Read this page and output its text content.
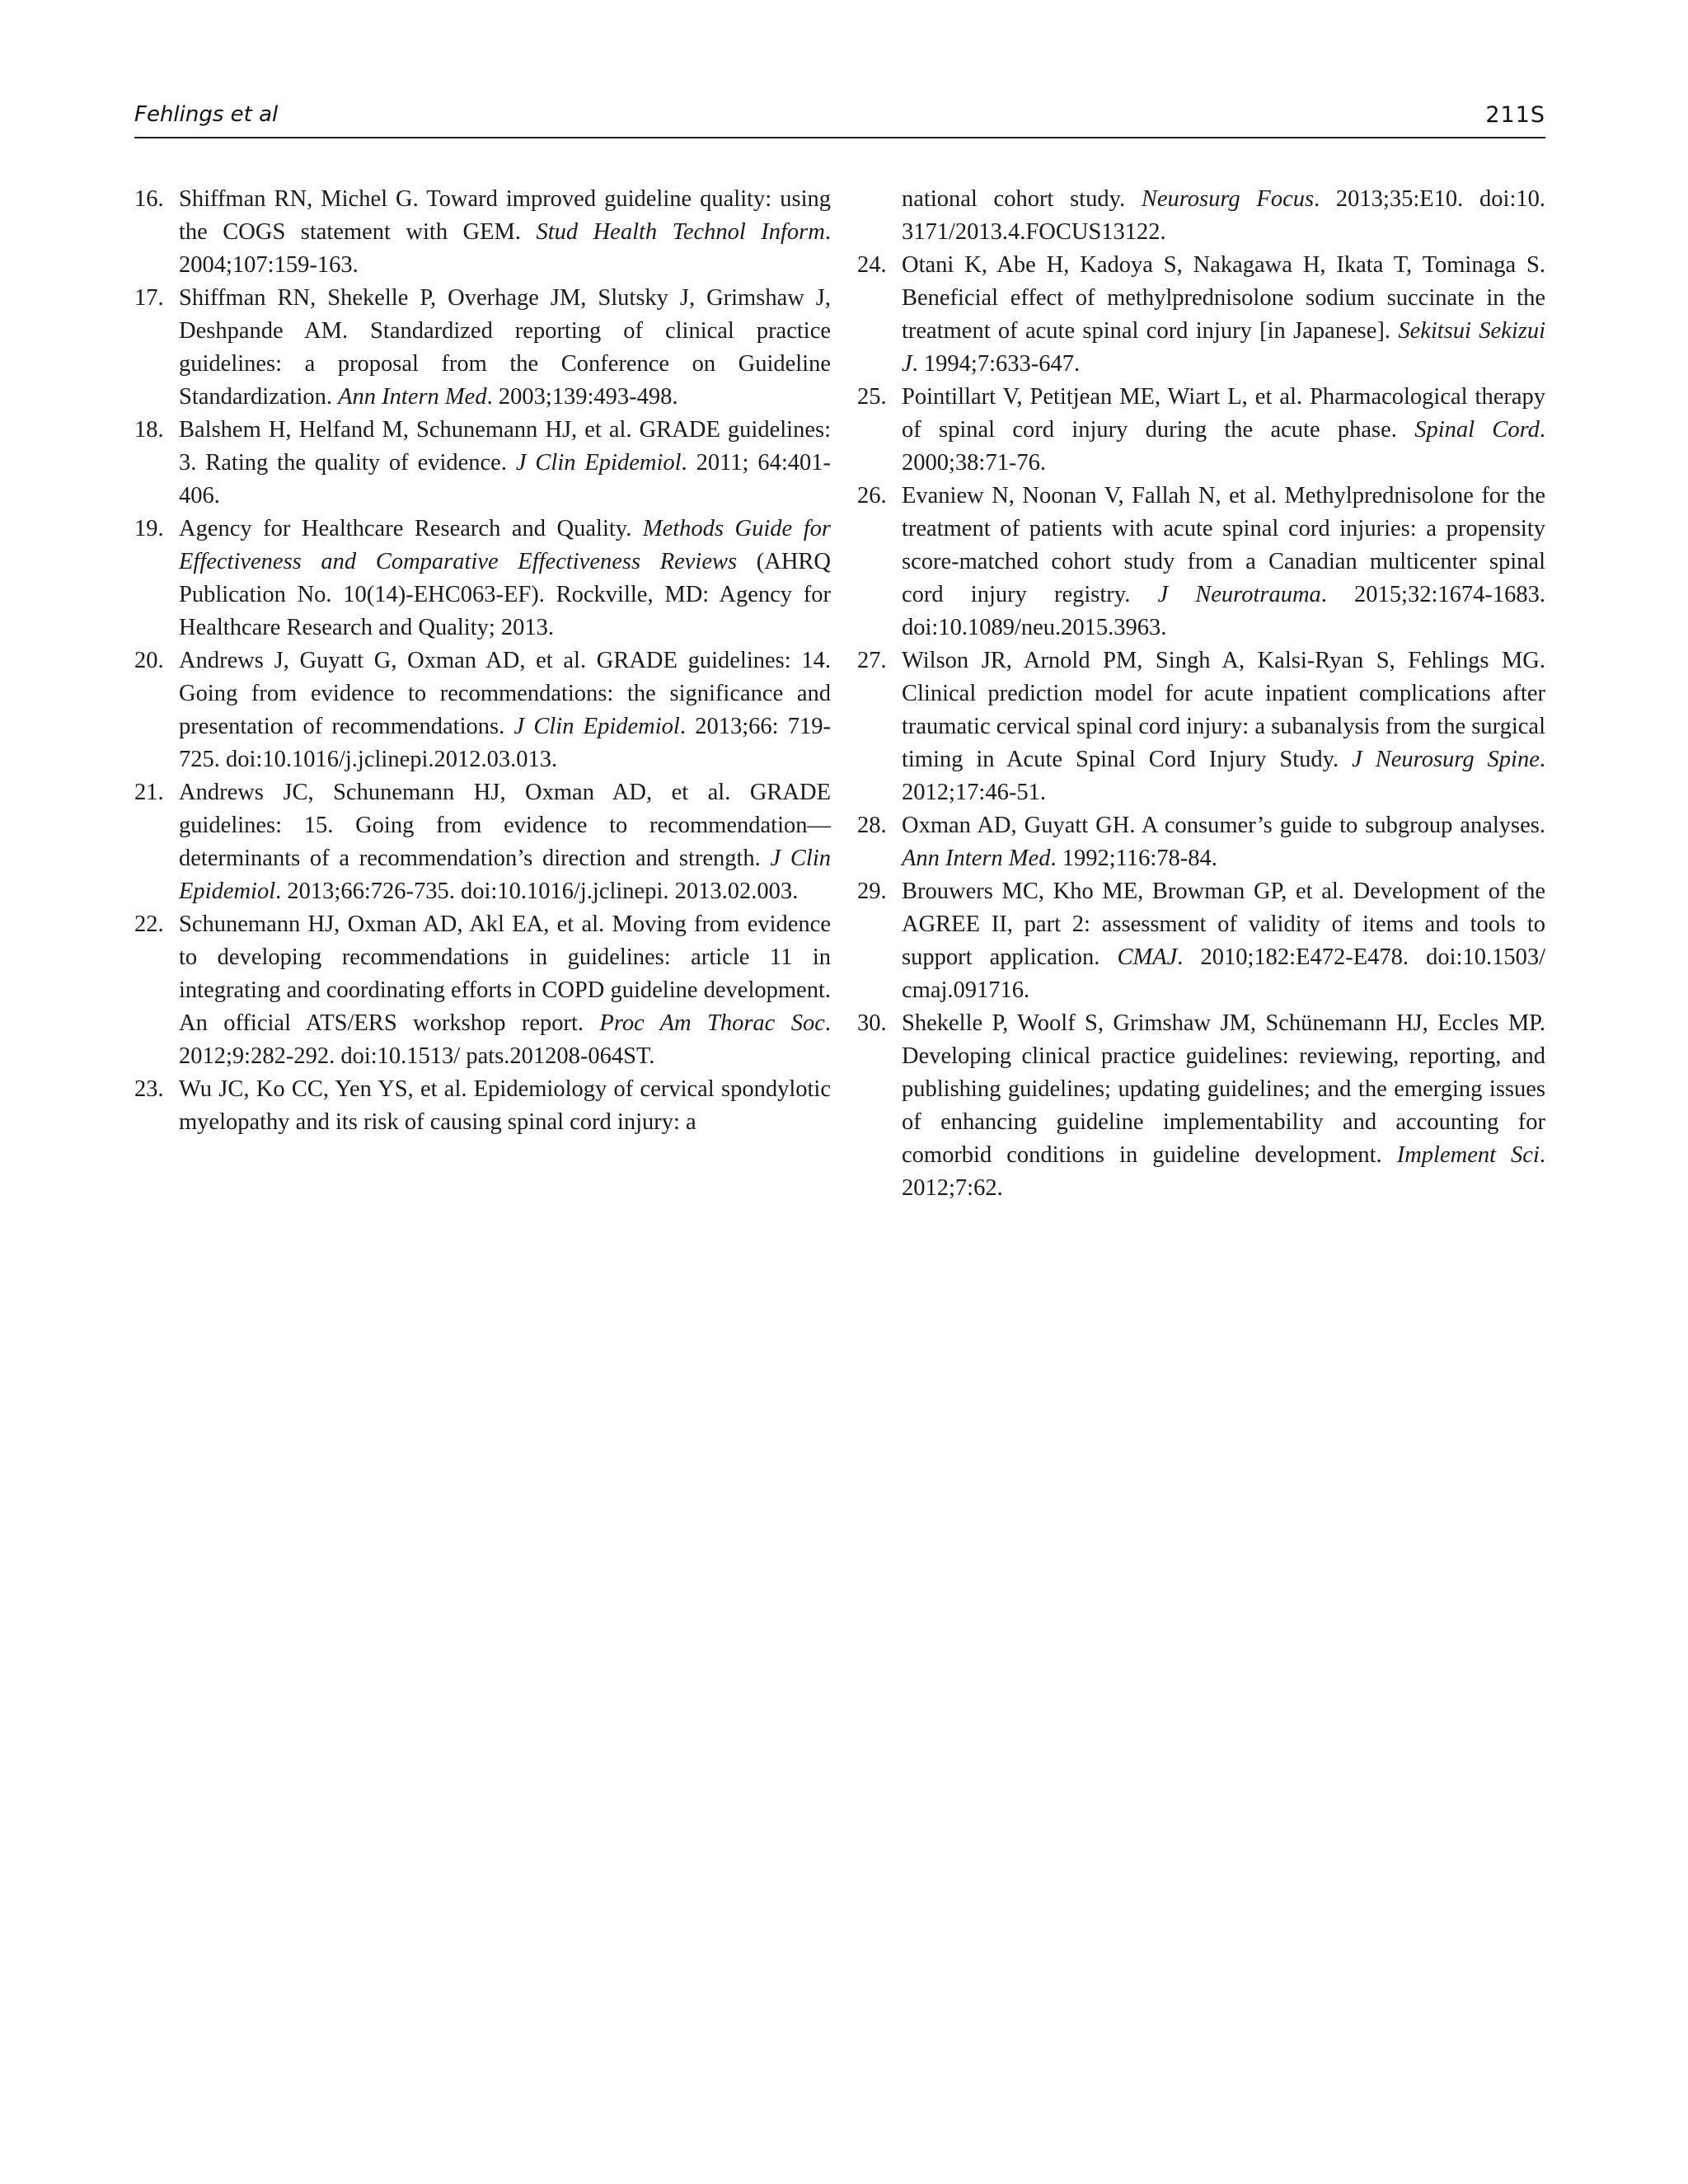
Fehlings et al	211S

16. Shiffman RN, Michel G. Toward improved guideline quality: using the COGS statement with GEM. Stud Health Technol Inform. 2004;107:159-163.

17. Shiffman RN, Shekelle P, Overhage JM, Slutsky J, Grimshaw J, Deshpande AM. Standardized reporting of clinical practice guidelines: a proposal from the Conference on Guideline Standardization. Ann Intern Med. 2003;139:493-498.

18. Balshem H, Helfand M, Schunemann HJ, et al. GRADE guidelines: 3. Rating the quality of evidence. J Clin Epidemiol. 2011; 64:401-406.

19. Agency for Healthcare Research and Quality. Methods Guide for Effectiveness and Comparative Effectiveness Reviews (AHRQ Publication No. 10(14)-EHC063-EF). Rockville, MD: Agency for Healthcare Research and Quality; 2013.

20. Andrews J, Guyatt G, Oxman AD, et al. GRADE guidelines: 14. Going from evidence to recommendations: the significance and presentation of recommendations. J Clin Epidemiol. 2013;66: 719-725. doi:10.1016/j.jclinepi.2012.03.013.

21. Andrews JC, Schunemann HJ, Oxman AD, et al. GRADE guidelines: 15. Going from evidence to recommendation—determinants of a recommendation’s direction and strength. J Clin Epidemiol. 2013;66:726-735. doi:10.1016/j.jclinepi. 2013.02.003.

22. Schunemann HJ, Oxman AD, Akl EA, et al. Moving from evidence to developing recommendations in guidelines: article 11 in integrating and coordinating efforts in COPD guideline development. An official ATS/ERS workshop report. Proc Am Thorac Soc. 2012;9:282-292. doi:10.1513/ pats.201208-064ST.

23. Wu JC, Ko CC, Yen YS, et al. Epidemiology of cervical spondylotic myelopathy and its risk of causing spinal cord injury: a

national cohort study. Neurosurg Focus. 2013;35:E10. doi:10. 3171/2013.4.FOCUS13122.

24. Otani K, Abe H, Kadoya S, Nakagawa H, Ikata T, Tominaga S. Beneficial effect of methylprednisolone sodium succinate in the treatment of acute spinal cord injury [in Japanese]. Sekitsui Sekizui J. 1994;7:633-647.

25. Pointillart V, Petitjean ME, Wiart L, et al. Pharmacological therapy of spinal cord injury during the acute phase. Spinal Cord. 2000;38:71-76.

26. Evaniew N, Noonan V, Fallah N, et al. Methylprednisolone for the treatment of patients with acute spinal cord injuries: a propensity score-matched cohort study from a Canadian multicenter spinal cord injury registry. J Neurotrauma. 2015;32:1674-1683. doi:10.1089/neu.2015.3963.

27. Wilson JR, Arnold PM, Singh A, Kalsi-Ryan S, Fehlings MG. Clinical prediction model for acute inpatient complications after traumatic cervical spinal cord injury: a subanalysis from the surgical timing in Acute Spinal Cord Injury Study. J Neurosurg Spine. 2012;17:46-51.

28. Oxman AD, Guyatt GH. A consumer’s guide to subgroup analyses. Ann Intern Med. 1992;116:78-84.

29. Brouwers MC, Kho ME, Browman GP, et al. Development of the AGREE II, part 2: assessment of validity of items and tools to support application. CMAJ. 2010;182:E472-E478. doi:10.1503/ cmaj.091716.

30. Shekelle P, Woolf S, Grimshaw JM, Schünemann HJ, Eccles MP. Developing clinical practice guidelines: reviewing, reporting, and publishing guidelines; updating guidelines; and the emerging issues of enhancing guideline implementability and accounting for comorbid conditions in guideline development. Implement Sci. 2012;7:62.
